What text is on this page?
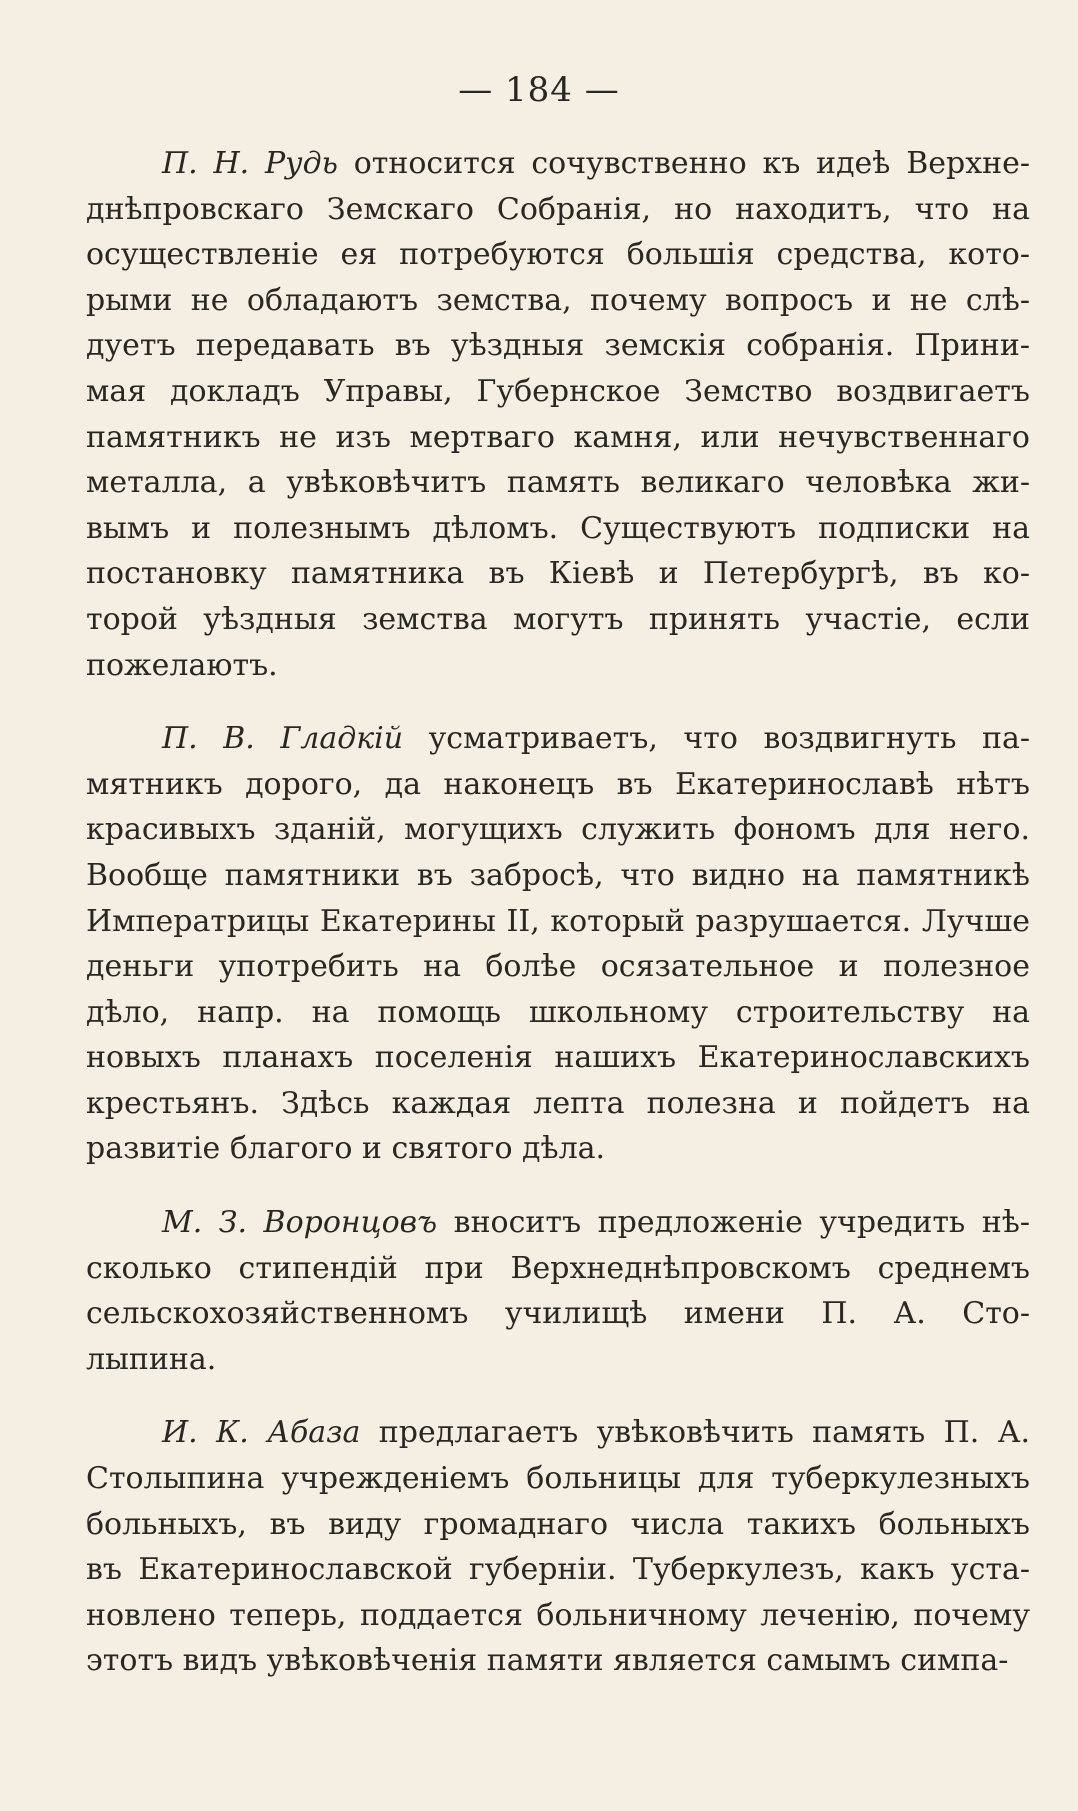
— 184 —
П. Н. Рудь относится сочувственно къ идеѣ Верхне-
днѣпровскаго Земскаго Собранія, но находитъ, что на
осуществленіе ея потребуются большія средства, кото-
рыми не обладаютъ земства, почему вопросъ и не слѣ-
дуетъ передавать въ уѣздныя земскія собранія. Прини-
мая докладъ Управы, Губернское Земство воздвигаетъ
памятникъ не изъ мертваго камня, или нечувственнаго
металла, а увѣковѣчитъ память великаго человѣка жи-
вымъ и полезнымъ дѣломъ. Существуютъ подписки на
постановку памятника въ Кіевѣ и Петербургѣ, въ ко-
торой уѣздныя земства могутъ принять участіе, если
пожелаютъ.
П. В. Гладкій усматриваетъ, что воздвигнуть па-
мятникъ дорого, да наконецъ въ Екатеринославѣ нѣтъ
красивыхъ зданій, могущихъ служить фономъ для него.
Вообще памятники въ забросѣ, что видно на памятникѣ
Императрицы Екатерины II, который разрушается. Лучше
деньги употребить на болѣе осязательное и полезное
дѣло, напр. на помощь школьному строительству на
новыхъ планахъ поселенія нашихъ Екатеринославскихъ
крестьянъ. Здѣсь каждая лепта полезна и пойдетъ на
развитіе благого и святого дѣла.
М. З. Воронцовъ вноситъ предложеніе учредить нѣ-
сколько стипендій при Верхнеднѣпровскомъ среднемъ
сельскохозяйственномъ училищѣ имени П. А. Сто-
лыпина.
И. К. Абаза предлагаетъ увѣковѣчить память П. А.
Столыпина учрежденіемъ больницы для туберкулезныхъ
больныхъ, въ виду громаднаго числа такихъ больныхъ
въ Екатеринославской губерніи. Туберкулезъ, какъ уста-
новлено теперь, поддается больничному леченію, почему
этотъ видъ увѣковѣченія памяти является самымъ симпа-
